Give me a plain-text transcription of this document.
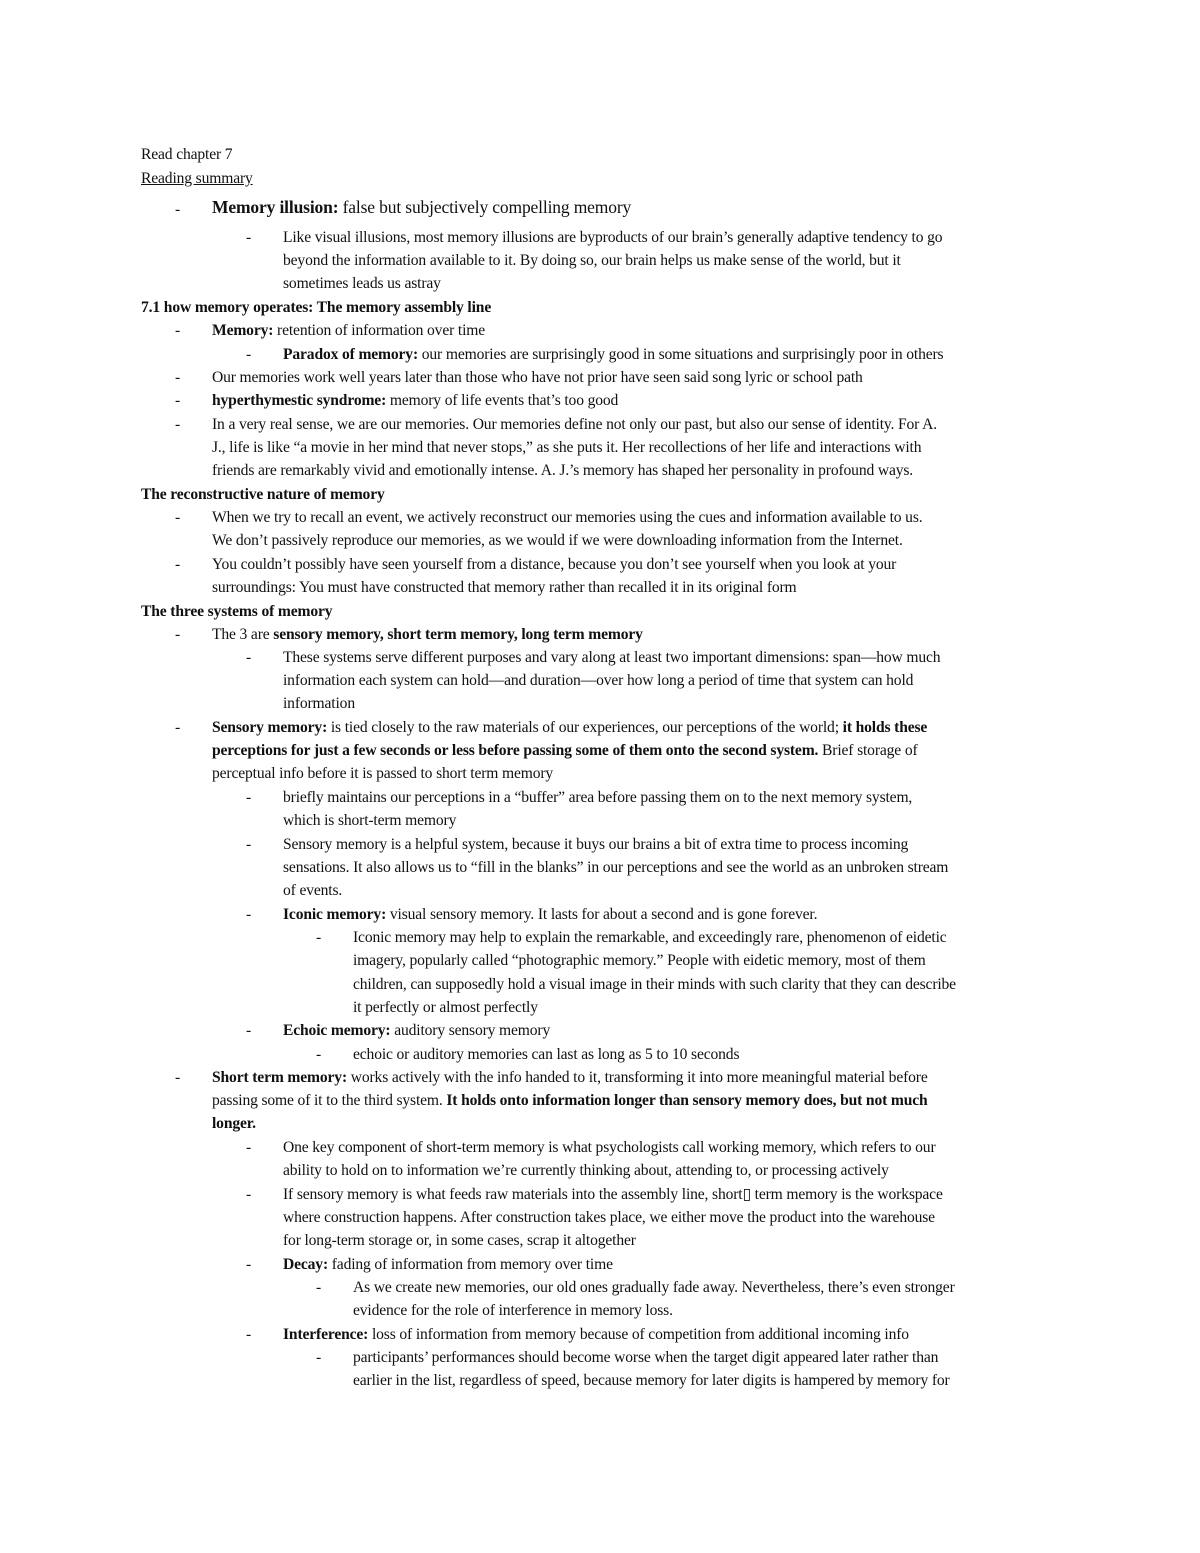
Read chapter 7
Reading summary
- Memory illusion: false but subjectively compelling memory
- Like visual illusions, most memory illusions are byproducts of our brain’s generally adaptive tendency to go
beyond the information available to it. By doing so, our brain helps us make sense of the world, but it
sometimes leads us astray
7.1 how memory operates: The memory assembly line
- Memory: retention of information over time
- Paradox of memory: our memories are surprisingly good in some situations and surprisingly poor in others
- Our memories work well years later than those who have not prior have seen said song lyric or school path
- hyperthymestic syndrome: memory of life events that’s too good
- In a very real sense, we are our memories. Our memories define not only our past, but also our sense of identity. For A.
J., life is like “a movie in her mind that never stops,” as she puts it. Her recollections of her life and interactions with
friends are remarkably vivid and emotionally intense. A. J.’s memory has shaped her personality in profound ways.
The reconstructive nature of memory
- When we try to recall an event, we actively reconstruct our memories using the cues and information available to us.
We don’t passively reproduce our memories, as we would if we were downloading information from the Internet.
- You couldn’t possibly have seen yourself from a distance, because you don’t see yourself when you look at your
surroundings: You must have constructed that memory rather than recalled it in its original form
The three systems of memory
- The 3 are sensory memory, short term memory, long term memory
- These systems serve different purposes and vary along at least two important dimensions: span—how much
information each system can hold—and duration—over how long a period of time that system can hold
information
- Sensory memory: is tied closely to the raw materials of our experiences, our perceptions of the world; it holds these
perceptions for just a few seconds or less before passing some of them onto the second system. Brief storage of
perceptual info before it is passed to short term memory
- briefly maintains our perceptions in a “buffer” area before passing them on to the next memory system,
which is short-term memory
- Sensory memory is a helpful system, because it buys our brains a bit of extra time to process incoming
sensations. It also allows us to “fill in the blanks” in our perceptions and see the world as an unbroken stream
of events.
- Iconic memory: visual sensory memory. It lasts for about a second and is gone forever.
- Iconic memory may help to explain the remarkable, and exceedingly rare, phenomenon of eidetic
imagery, popularly called “photographic memory.” People with eidetic memory, most of them
children, can supposedly hold a visual image in their minds with such clarity that they can describe
it perfectly or almost perfectly
- Echoic memory: auditory sensory memory
- echoic or auditory memories can last as long as 5 to 10 seconds
- Short term memory: works actively with the info handed to it, transforming it into more meaningful material before
passing some of it to the third system. It holds onto information longer than sensory memory does, but not much
longer.
- One key component of short-term memory is what psychologists call working memory, which refers to our
ability to hold on to information we’re currently thinking about, attending to, or processing actively
- If sensory memory is what feeds raw materials into the assembly line, short▯ term memory is the workspace
where construction happens. After construction takes place, we either move the product into the warehouse
for long-term storage or, in some cases, scrap it altogether
- Decay: fading of information from memory over time
- As we create new memories, our old ones gradually fade away. Nevertheless, there’s even stronger
evidence for the role of interference in memory loss.
- Interference: loss of information from memory because of competition from additional incoming info
- participants’ performances should become worse when the target digit appeared later rather than
earlier in the list, regardless of speed, because memory for later digits is hampered by memory for
